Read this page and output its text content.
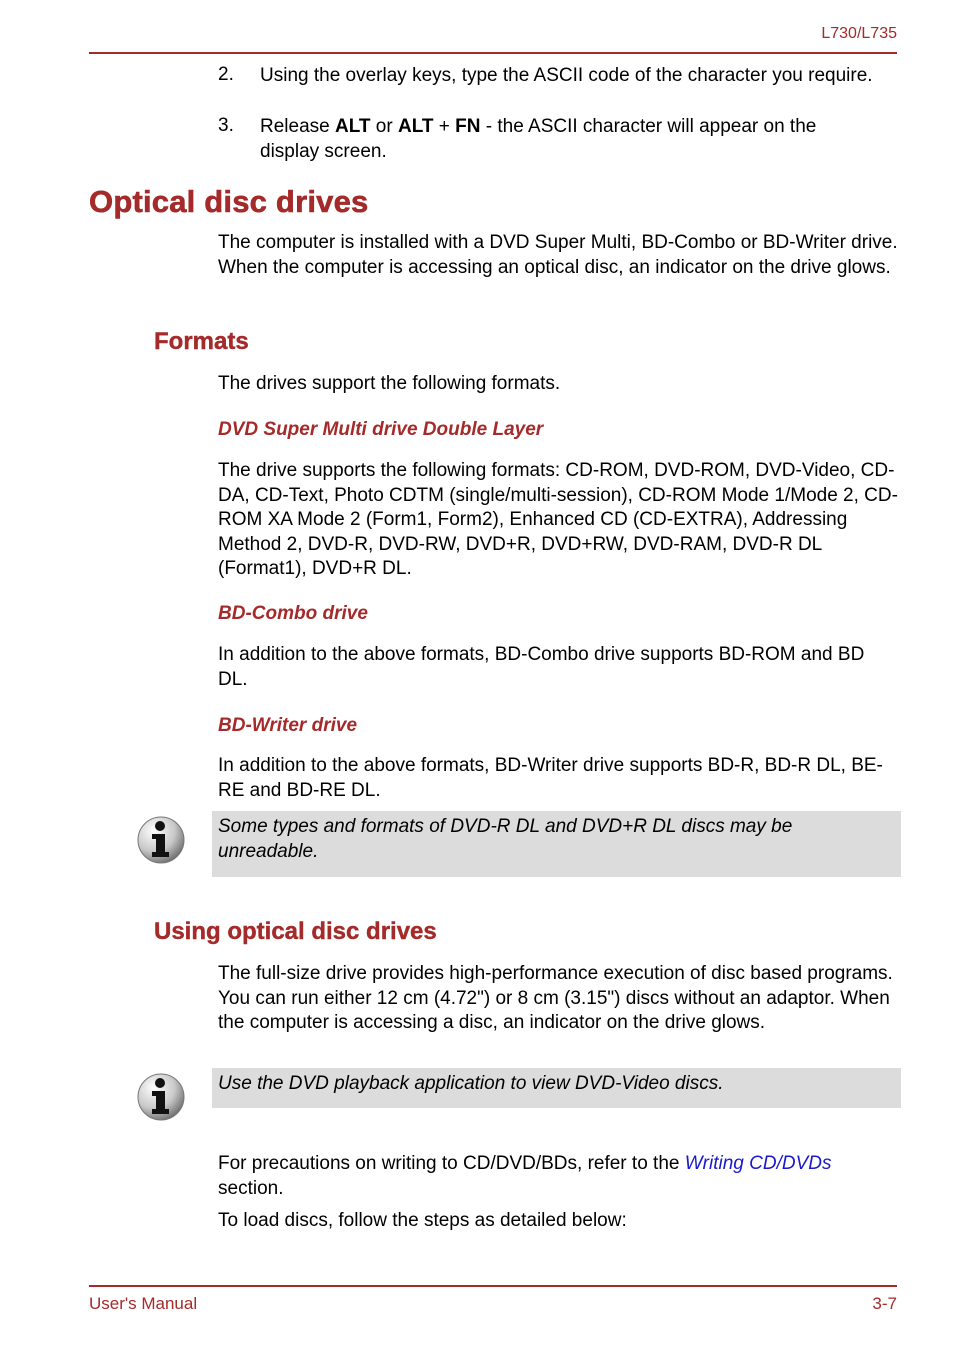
L730/L735
2. Using the overlay keys, type the ASCII code of the character you require.
3. Release ALT or ALT + FN - the ASCII character will appear on the display screen.
Optical disc drives
The computer is installed with a DVD Super Multi, BD-Combo or BD-Writer drive. When the computer is accessing an optical disc, an indicator on the drive glows.
Formats
The drives support the following formats.
DVD Super Multi drive Double Layer
The drive supports the following formats: CD-ROM, DVD-ROM, DVD-Video, CD-DA, CD-Text, Photo CDTM (single/multi-session), CD-ROM Mode 1/Mode 2, CD-ROM XA Mode 2 (Form1, Form2), Enhanced CD (CD-EXTRA), Addressing Method 2, DVD-R, DVD-RW, DVD+R, DVD+RW, DVD-RAM, DVD-R DL (Format1), DVD+R DL.
BD-Combo drive
In addition to the above formats, BD-Combo drive supports BD-ROM and BD DL.
BD-Writer drive
In addition to the above formats, BD-Writer drive supports BD-R, BD-R DL, BE-RE and BD-RE DL.
Some types and formats of DVD-R DL and DVD+R DL discs may be unreadable.
Using optical disc drives
The full-size drive provides high-performance execution of disc based programs. You can run either 12 cm (4.72") or 8 cm (3.15") discs without an adaptor. When the computer is accessing a disc, an indicator on the drive glows.
Use the DVD playback application to view DVD-Video discs.
For precautions on writing to CD/DVD/BDs, refer to the Writing CD/DVDs
section.
To load discs, follow the steps as detailed below:
User's Manual	3-7
